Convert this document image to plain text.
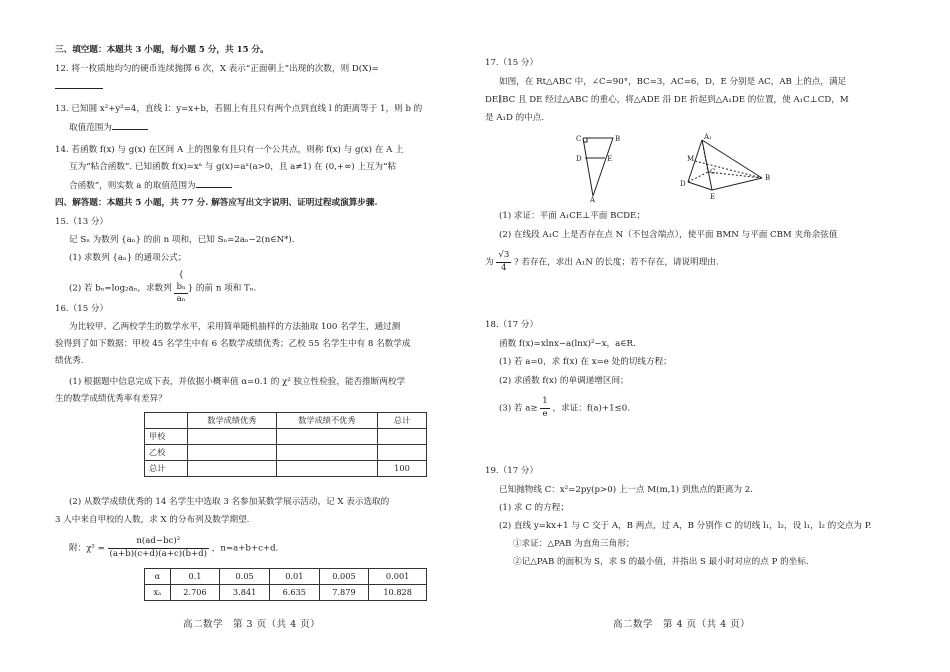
三、填空题：本题共 3 小题，每小题 5 分，共 15 分。
12. 将一枚质地均匀的硬币连续抛掷 6 次，X 表示“正面朝上”出现的次数，则 D(X)=
13. 已知圆 x²+y²=4，直线 l：y=x+b，若圆上有且只有两个点到直线 l 的距离等于 1，则 b 的
取值范围为
14. 若函数 f(x) 与 g(x) 在区间 A 上的图象有且只有一个公共点，则称 f(x) 与 g(x) 在 A 上
互为“粘合函数”. 已知函数 f(x)=xᵃ 与 g(x)=aˣ(a>0，且 a≠1) 在 (0,+∞) 上互为“粘
合函数”，则实数 a 的取值范围为
四、解答题：本题共 5 小题，共 77 分. 解答应写出文字说明、证明过程或演算步骤.
15.（13 分）
记 Sₙ 为数列 {aₙ} 的前 n 项和，已知 Sₙ=2aₙ−2(n∈N*).
(1) 求数列 {aₙ} 的通项公式；
(2) 若 bₙ=log₂aₙ，求数列 {
bₙ
aₙ
} 的前 n 项和 Tₙ.
16.（15 分）
为比较甲、乙两校学生的数学水平，采用简单随机抽样的方法抽取 100 名学生，通过测
验得到了如下数据：甲校 45 名学生中有 6 名数学成绩优秀；乙校 55 名学生中有 8 名数学成
绩优秀.
(1) 根据题中信息完成下表，并依据小概率值 α=0.1 的 χ² 独立性检验，能否推断两校学
生的数学成绩优秀率有差异？
	数学成绩优秀	数学成绩不优秀	总计
甲校			
乙校			
总计			100
(2) 从数学成绩优秀的 14 名学生中选取 3 名参加某数学展示活动，记 X 表示选取的
3 人中来自甲校的人数，求 X 的分布列及数学期望.
附：$\chi^2 = \frac{\text{n(ad−bc)²}}{(a+b)(c+d)(a+c)(b+d)}$ ，n=a+b+c+d.
α	0.1	0.05	0.01	0.005	0.001
xₐ	2.706	3.841	6.635	7.879	10.828
高二数学　第 3 页（共 4 页）
17.（15 分）
如图，在 Rt△ABC 中，∠C=90°，BC=3，AC=6，D，E 分别是 AC，AB 上的点，满足
DE∥BC 且 DE 经过△ABC 的重心，将△ADE 沿 DE 折起到△A₁DE 的位置，使 A₁C⊥CD，M
是 A₁D 的中点.
C	B
D	E
A
A₁
B
C
D
E
M
(1) 求证：平面 A₁CE⊥平面 BCDE；
(2) 在线段 A₁C 上是否存在点 N（不包含端点），使平面 BMN 与平面 CBM 夹角余弦值
为 $\frac{√3}{4}$ ? 若存在，求出 A₁N 的长度；若不存在，请说明理由.
18.（17 分）
函数 f(x)=xlnx−a(lnx)²−x，a∈R.
(1) 若 a=0，求 f(x) 在 x=e 处的切线方程；
(2) 求函数 f(x) 的单调递增区间；
(3) 若 $a\ge \frac{1}{e}$ ，求证：f(a)+1≤0.
19.（17 分）
已知抛物线 C：x²=2py(p>0) 上一点 M(m,1) 到焦点的距离为 2.
(1) 求 C 的方程；
(2) 直线 y=kx+1 与 C 交于 A，B 两点，过 A，B 分别作 C 的切线 l₁，l₂，设 l₁，l₂ 的交点为 P.
①求证：△PAB 为直角三角形；
②记△PAB 的面积为 S，求 S 的最小值，并指出 S 最小时对应的点 P 的坐标.
高二数学　第 4 页（共 4 页）
